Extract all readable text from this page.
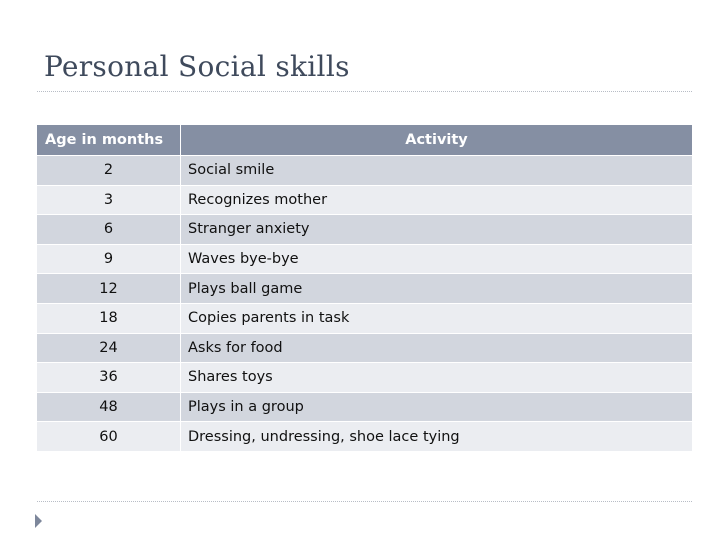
Personal Social skills
Age in months	Activity
2	Social smile
3	Recognizes mother
6	Stranger anxiety
9	Waves bye-bye
12	Plays ball game
18	Copies parents in task
24	Asks for food
36	Shares toys
48	Plays in a group
60	Dressing, undressing, shoe lace tying
